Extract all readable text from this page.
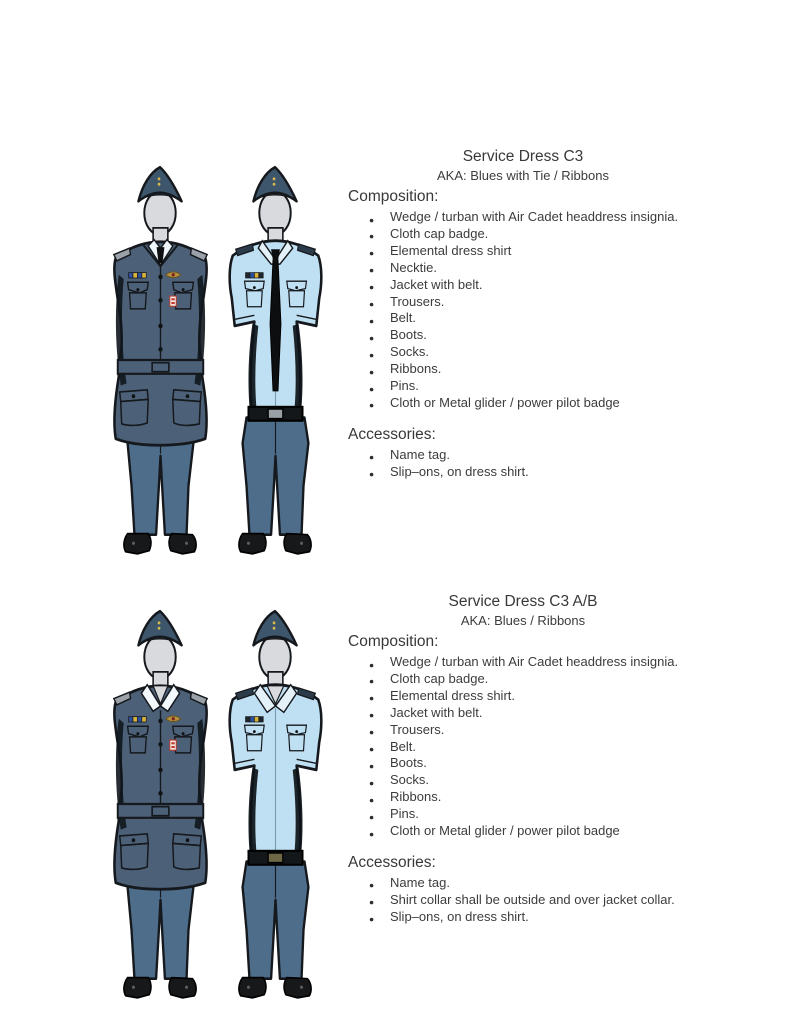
Service Dress C3
AKA: Blues with Tie / Ribbons
Composition:
● Wedge / turban with Air Cadet headdress insignia.
● Cloth cap badge.
● Elemental dress shirt
● Necktie.
● Jacket with belt.
● Trousers.
● Belt.
● Boots.
● Socks.
● Ribbons.
● Pins.
● Cloth or Metal glider / power pilot badge
Accessories:
● Name tag.
● Slip–ons, on dress shirt.
Service Dress C3 A/B
AKA: Blues / Ribbons
Composition:
● Wedge / turban with Air Cadet headdress insignia.
● Cloth cap badge.
● Elemental dress shirt.
● Jacket with belt.
● Trousers.
● Belt.
● Boots.
● Socks.
● Ribbons.
● Pins.
● Cloth or Metal glider / power pilot badge
Accessories:
● Name tag.
● Shirt collar shall be outside and over jacket collar.
● Slip–ons, on dress shirt.
